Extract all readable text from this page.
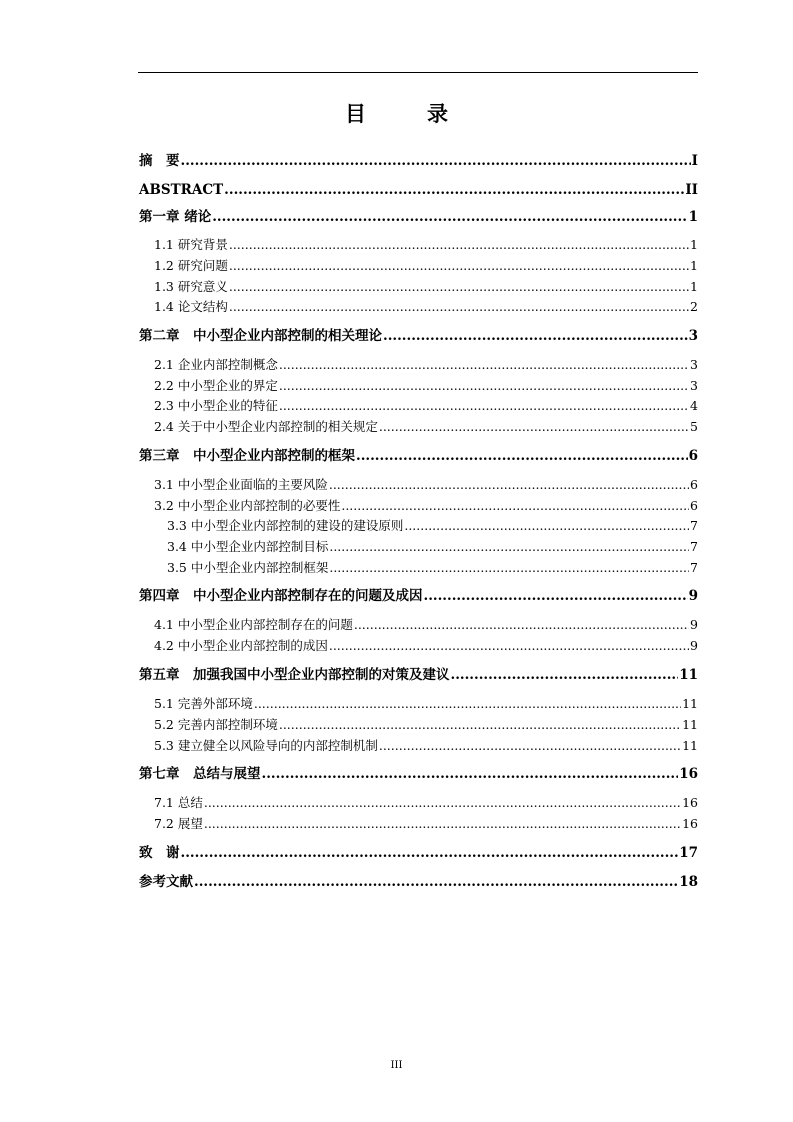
目　录
摘　要 .....	I
ABSTRACT .....	II
第一章 绪论 .....	1
1.1 研究背景 .....	1
1.2 研究问题 .....	1
1.3 研究意义 .....	1
1.4 论文结构 .....	2
第二章　中小型企业内部控制的相关理论 .....	3
2.1 企业内部控制概念 .....	3
2.2 中小型企业的界定 .....	3
2.3 中小型企业的特征 .....	4
2.4 关于中小型企业内部控制的相关规定 .....	5
第三章　中小型企业内部控制的框架 .....	6
3.1 中小型企业面临的主要风险 .....	6
3.2 中小型企业内部控制的必要性 .....	6
3.3 中小型企业内部控制的建设的建设原则 .....	7
3.4 中小型企业内部控制目标 .....	7
3.5 中小型企业内部控制框架 .....	7
第四章　中小型企业内部控制存在的问题及成因 .....	9
4.1 中小型企业内部控制存在的问题 .....	9
4.2 中小型企业内部控制的成因 .....	9
第五章　加强我国中小型企业内部控制的对策及建议 .....	11
5.1 完善外部环境 .....	11
5.2 完善内部控制环境 .....	11
5.3 建立健全以风险导向的内部控制机制 .....	11
第七章　总结与展望 .....	16
7.1 总结 .....	16
7.2 展望 .....	16
致　谢 .....	17
参考文献 .....	18
III
